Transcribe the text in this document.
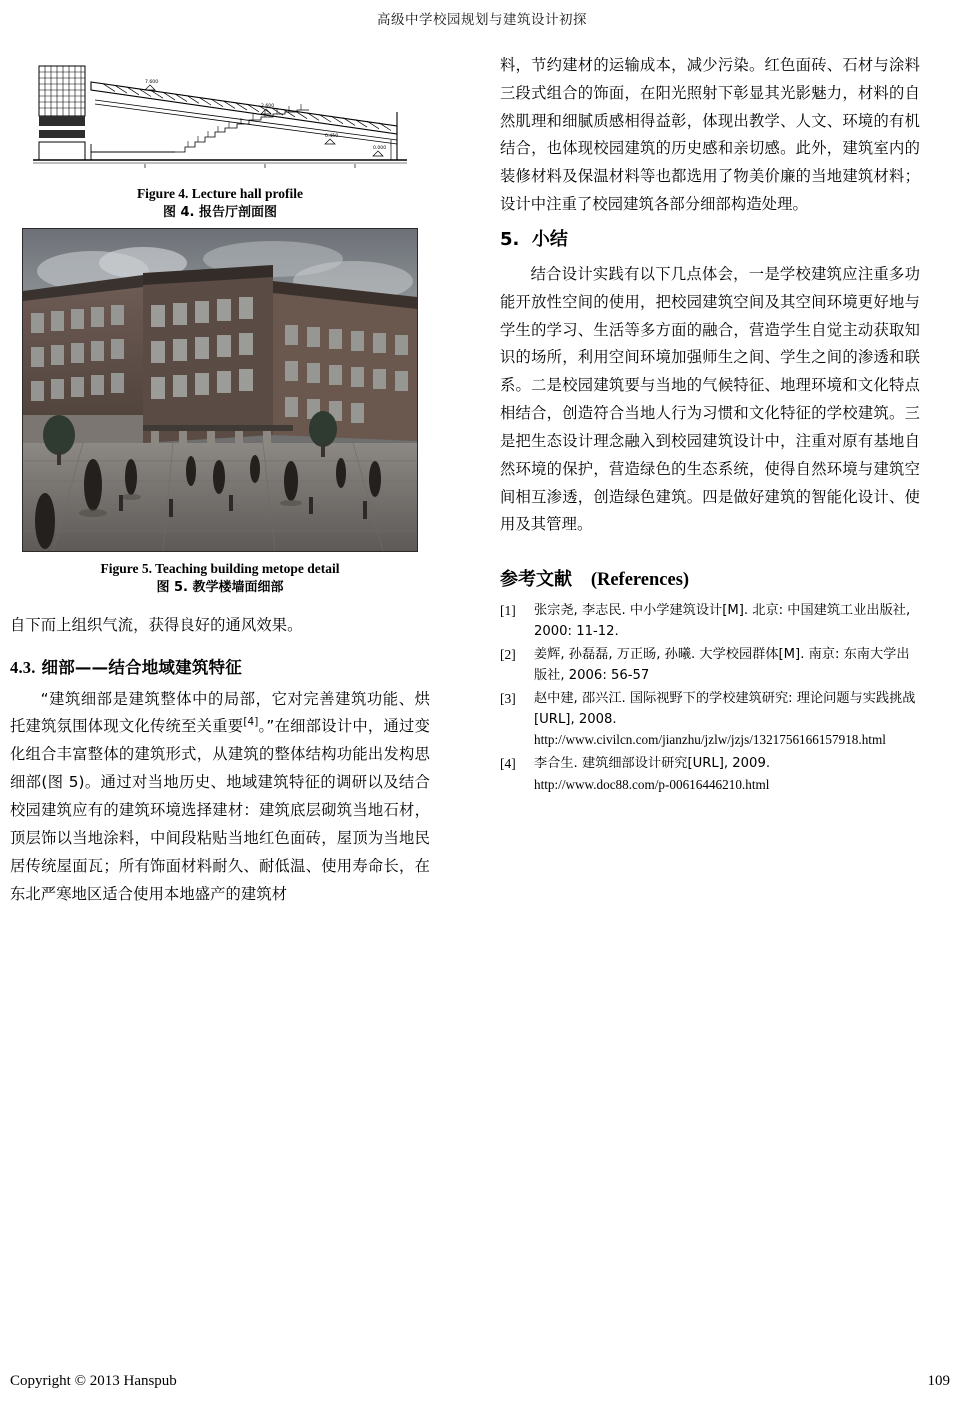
高级中学校园规划与建筑设计初探
7.600
2.600
0.450
0.000
Figure 4. Lecture hall profile
图 4. 报告厅剖面图
Figure 5. Teaching building metope detail
图 5. 教学楼墙面细部

自下而上组织气流，获得良好的通风效果。

4.3. 细部——结合地域建筑特征

“建筑细部是建筑整体中的局部，它对完善建筑功能、烘托建筑氛围体现文化传统至关重要[4]。”在细部设计中，通过变化组合丰富整体的建筑形式，从建筑的整体结构功能出发构思细部(图 5)。通过对当地历史、地域建筑特征的调研以及结合校园建筑应有的建筑环境选择建材：建筑底层砌筑当地石材，顶层饰以当地涂料，中间段粘贴当地红色面砖，屋顶为当地民居传统屋面瓦；所有饰面材料耐久、耐低温、使用寿命长，在东北严寒地区适合使用本地盛产的建筑材

料，节约建材的运输成本，减少污染。红色面砖、石材与涂料三段式组合的饰面，在阳光照射下彰显其光影魅力，材料的自然肌理和细腻质感相得益彰，体现出教学、人文、环境的有机结合，也体现校园建筑的历史感和亲切感。此外，建筑室内的装修材料及保温材料等也都选用了物美价廉的当地建筑材料；设计中注重了校园建筑各部分细部构造处理。

5. 小结

结合设计实践有以下几点体会，一是学校建筑应注重多功能开放性空间的使用，把校园建筑空间及其空间环境更好地与学生的学习、生活等多方面的融合，营造学生自觉主动获取知识的场所，利用空间环境加强师生之间、学生之间的渗透和联系。二是校园建筑要与当地的气候特征、地理环境和文化特点相结合，创造符合当地人行为习惯和文化特征的学校建筑。三是把生态设计理念融入到校园建筑设计中，注重对原有基地自然环境的保护，营造绿色的生态系统，使得自然环境与建筑空间相互渗透，创造绿色建筑。四是做好建筑的智能化设计、使用及其管理。

参考文献 (References)
[1]	张宗尧, 李志民. 中小学建筑设计[M]. 北京: 中国建筑工业出版社, 2000: 11-12.
[2]	姜辉, 孙磊磊, 万正旸, 孙曦. 大学校园群体[M]. 南京: 东南大学出版社, 2006: 56-57
[3]	赵中建, 邵兴江. 国际视野下的学校建筑研究: 理论问题与实践挑战[URL], 2008.
http://www.civilcn.com/jianzhu/jzlw/jzjs/1321756166157918.html
[4]	李合生. 建筑细部设计研究[URL], 2009.
http://www.doc88.com/p-00616446210.html
Copyright © 2013 Hanspub	109
